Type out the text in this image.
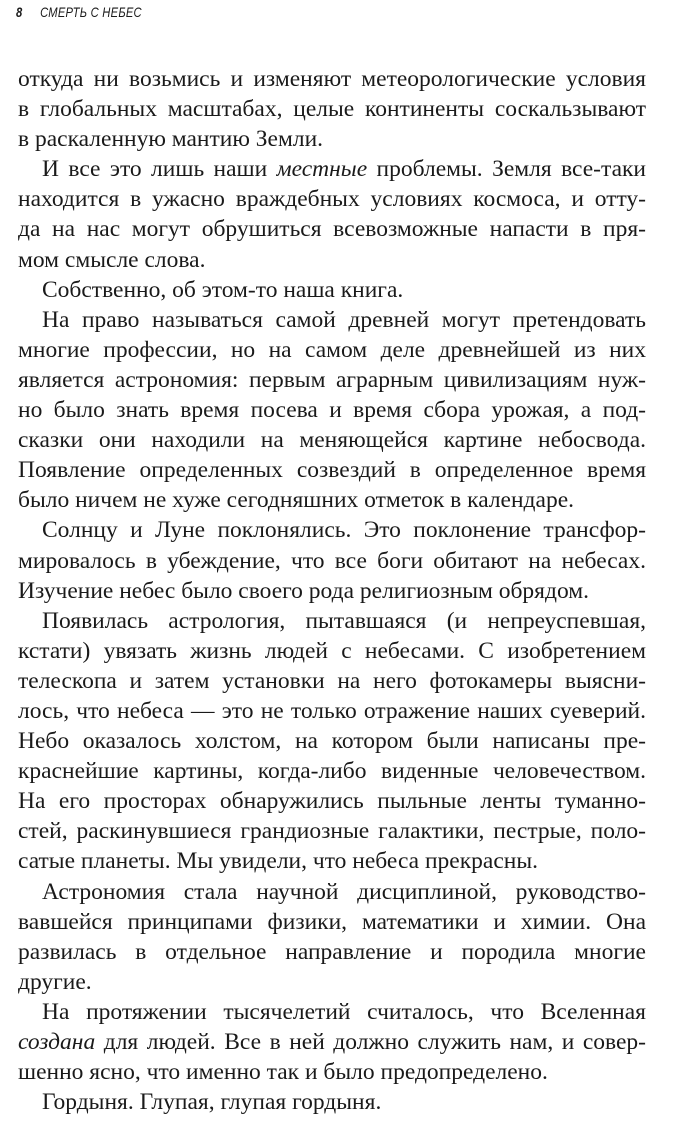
8 СМЕРТЬ С НЕБЕС
откуда ни возьмись и изменяют метеорологические условия
в глобальных масштабах, целые континенты соскальзывают
в раскаленную мантию Земли.
И все это лишь наши местные проблемы. Земля все-таки
находится в ужасно враждебных условиях космоса, и отту-
да на нас могут обрушиться всевозможные напасти в пря-
мом смысле слова.
Собственно, об этом-то наша книга.
На право называться самой древней могут претендовать
многие профессии, но на самом деле древнейшей из них
является астрономия: первым аграрным цивилизациям нуж-
но было знать время посева и время сбора урожая, а под-
сказки они находили на меняющейся картине небосвода.
Появление определенных созвездий в определенное время
было ничем не хуже сегодняшних отметок в календаре.
Солнцу и Луне поклонялись. Это поклонение трансфор-
мировалось в убеждение, что все боги обитают на небесах.
Изучение небес было своего рода религиозным обрядом.
Появилась астрология, пытавшаяся (и непреуспевшая,
кстати) увязать жизнь людей с небесами. С изобретением
телескопа и затем установки на него фотокамеры выясни-
лось, что небеса — это не только отражение наших суеверий.
Небо оказалось холстом, на котором были написаны пре-
краснейшие картины, когда-либо виденные человечеством.
На его просторах обнаружились пыльные ленты туманно-
стей, раскинувшиеся грандиозные галактики, пестрые, поло-
сатые планеты. Мы увидели, что небеса прекрасны.
Астрономия стала научной дисциплиной, руководство-
вавшейся принципами физики, математики и химии. Она
развилась в отдельное направление и породила многие
другие.
На протяжении тысячелетий считалось, что Вселенная
создана для людей. Все в ней должно служить нам, и совер-
шенно ясно, что именно так и было предопределено.
Гордыня. Глупая, глупая гордыня.
